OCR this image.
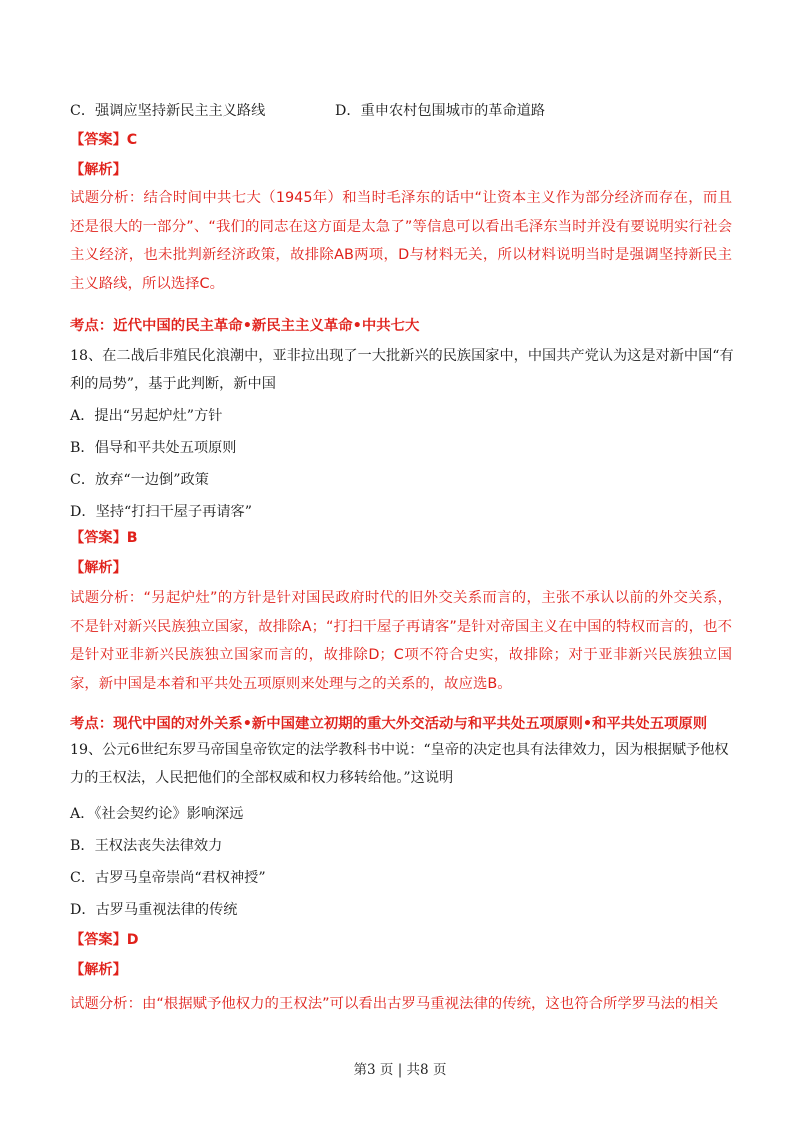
C．强调应坚持新民主主义路线	D．重申农村包围城市的革命道路
【答案】C
【解析】
试题分析：结合时间中共七大（1945年）和当时毛泽东的话中“让资本主义作为部分经济而存在，而且还是很大的一部分”、“我们的同志在这方面是太急了”等信息可以看出毛泽东当时并没有要说明实行社会主义经济，也未批判新经济政策，故排除AB两项，D与材料无关，所以材料说明当时是强调坚持新民主主义路线，所以选择C。
考点：近代中国的民主革命•新民主主义革命•中共七大
18、在二战后非殖民化浪潮中，亚非拉出现了一大批新兴的民族国家中，中国共产党认为这是对新中国“有
利的局势”，基于此判断，新中国
A．提出“另起炉灶”方针
B．倡导和平共处五项原则
C．放弃“一边倒”政策
D．坚持“打扫干屋子再请客”
【答案】B
【解析】
试题分析：“另起炉灶”的方针是针对国民政府时代的旧外交关系而言的，主张不承认以前的外交关系，不是针对新兴民族独立国家，故排除A；“打扫干屋子再请客”是针对帝国主义在中国的特权而言的，也不是针对亚非新兴民族独立国家而言的，故排除D；C项不符合史实，故排除；对于亚非新兴民族独立国家，新中国是本着和平共处五项原则来处理与之的关系的，故应选B。
考点：现代中国的对外关系•新中国建立初期的重大外交活动与和平共处五项原则•和平共处五项原则
19、公元6世纪东罗马帝国皇帝钦定的法学教科书中说：“皇帝的决定也具有法律效力，因为根据赋予他权
力的王权法，人民把他们的全部权威和权力移转给他。”这说明
A．《社会契约论》影响深远
B．王权法丧失法律效力
C．古罗马皇帝崇尚“君权神授”
D．古罗马重视法律的传统
【答案】D
【解析】
试题分析：由“根据赋予他权力的王权法”可以看出古罗马重视法律的传统，这也符合所学罗马法的相关
第3 页 | 共8 页
